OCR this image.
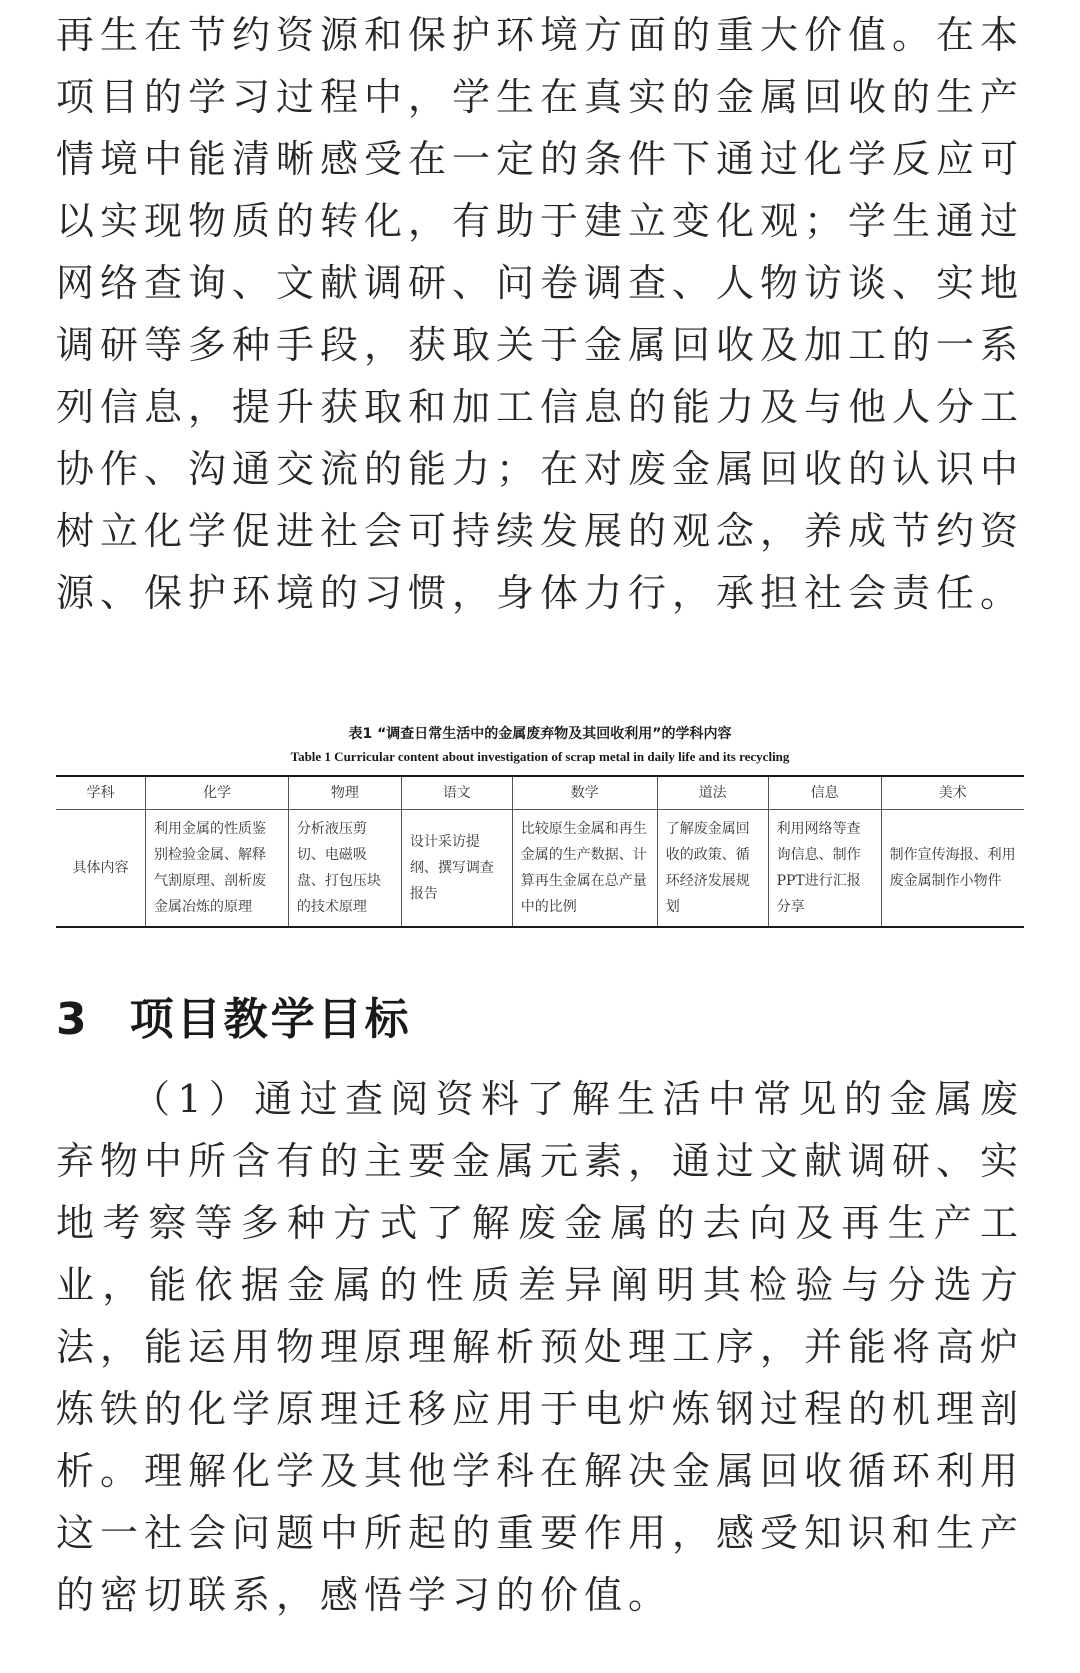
再生在节约资源和保护环境方面的重大价值。在本项目的学习过程中，学生在真实的金属回收的生产情境中能清晰感受在一定的条件下通过化学反应可以实现物质的转化，有助于建立变化观；学生通过网络查询、文献调研、问卷调查、人物访谈、实地调研等多种手段，获取关于金属回收及加工的一系列信息，提升获取和加工信息的能力及与他人分工协作、沟通交流的能力；在对废金属回收的认识中树立化学促进社会可持续发展的观念，养成节约资源、保护环境的习惯，身体力行，承担社会责任。

表1 “调查日常生活中的金属废弃物及其回收利用”的学科内容
Table 1 Curricular content about investigation of scrap metal in daily life and its recycling
学科	化学	物理	语文	数学	道法	信息	美术
具体内容	利用金属的性质鉴别检验金属、解释气割原理、剖析废金属冶炼的原理	分析液压剪切、电磁吸盘、打包压块的技术原理	设计采访提纲、撰写调查报告	比较原生金属和再生金属的生产数据、计算再生金属在总产量中的比例	了解废金属回收的政策、循环经济发展规划	利用网络等查询信息、制作PPT进行汇报分享	制作宣传海报、利用废金属制作小物件
3 项目教学目标

（1）通过查阅资料了解生活中常见的金属废弃物中所含有的主要金属元素，通过文献调研、实地考察等多种方式了解废金属的去向及再生产工业，能依据金属的性质差异阐明其检验与分选方法，能运用物理原理解析预处理工序，并能将高炉炼铁的化学原理迁移应用于电炉炼钢过程的机理剖析。理解化学及其他学科在解决金属回收循环利用这一社会问题中所起的重要作用，感受知识和生产的密切联系，感悟学习的价值。
